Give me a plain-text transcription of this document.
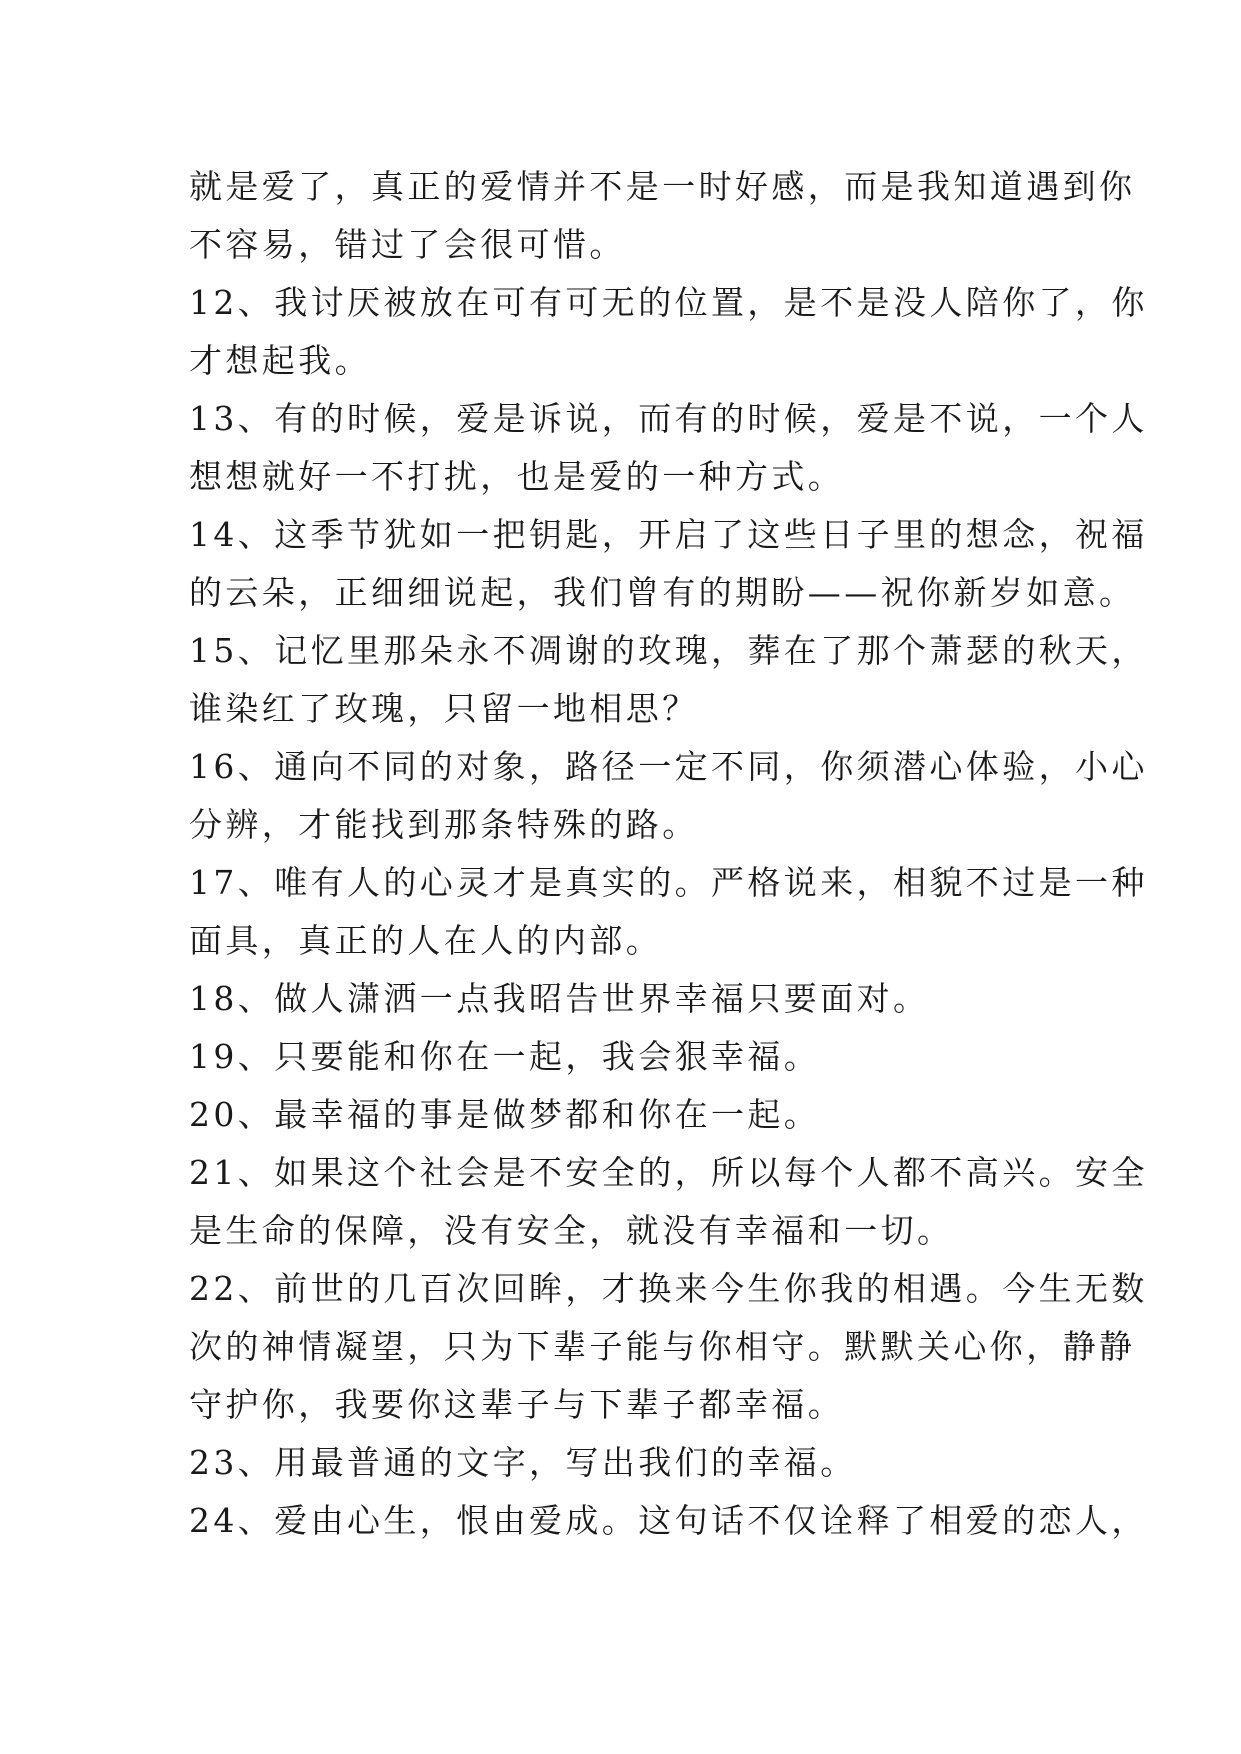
就是爱了，真正的爱情并不是一时好感，而是我知道遇到你
不容易，错过了会很可惜。
12、我讨厌被放在可有可无的位置，是不是没人陪你了，你
才想起我。
13、有的时候，爱是诉说，而有的时候，爱是不说，一个人
想想就好一不打扰，也是爱的一种方式。
14、这季节犹如一把钥匙，开启了这些日子里的想念，祝福
的云朵，正细细说起，我们曾有的期盼——祝你新岁如意。
15、记忆里那朵永不凋谢的玫瑰，葬在了那个萧瑟的秋天，
谁染红了玫瑰，只留一地相思？
16、通向不同的对象，路径一定不同，你须潜心体验，小心
分辨，才能找到那条特殊的路。
17、唯有人的心灵才是真实的。严格说来，相貌不过是一种
面具，真正的人在人的内部。
18、做人潇洒一点我昭告世界幸福只要面对。
19、只要能和你在一起，我会狠幸福。
20、最幸福的事是做梦都和你在一起。
21、如果这个社会是不安全的，所以每个人都不高兴。安全
是生命的保障，没有安全，就没有幸福和一切。
22、前世的几百次回眸，才换来今生你我的相遇。今生无数
次的神情凝望，只为下辈子能与你相守。默默关心你，静静
守护你，我要你这辈子与下辈子都幸福。
23、用最普通的文字，写出我们的幸福。
24、爱由心生，恨由爱成。这句话不仅诠释了相爱的恋人，
